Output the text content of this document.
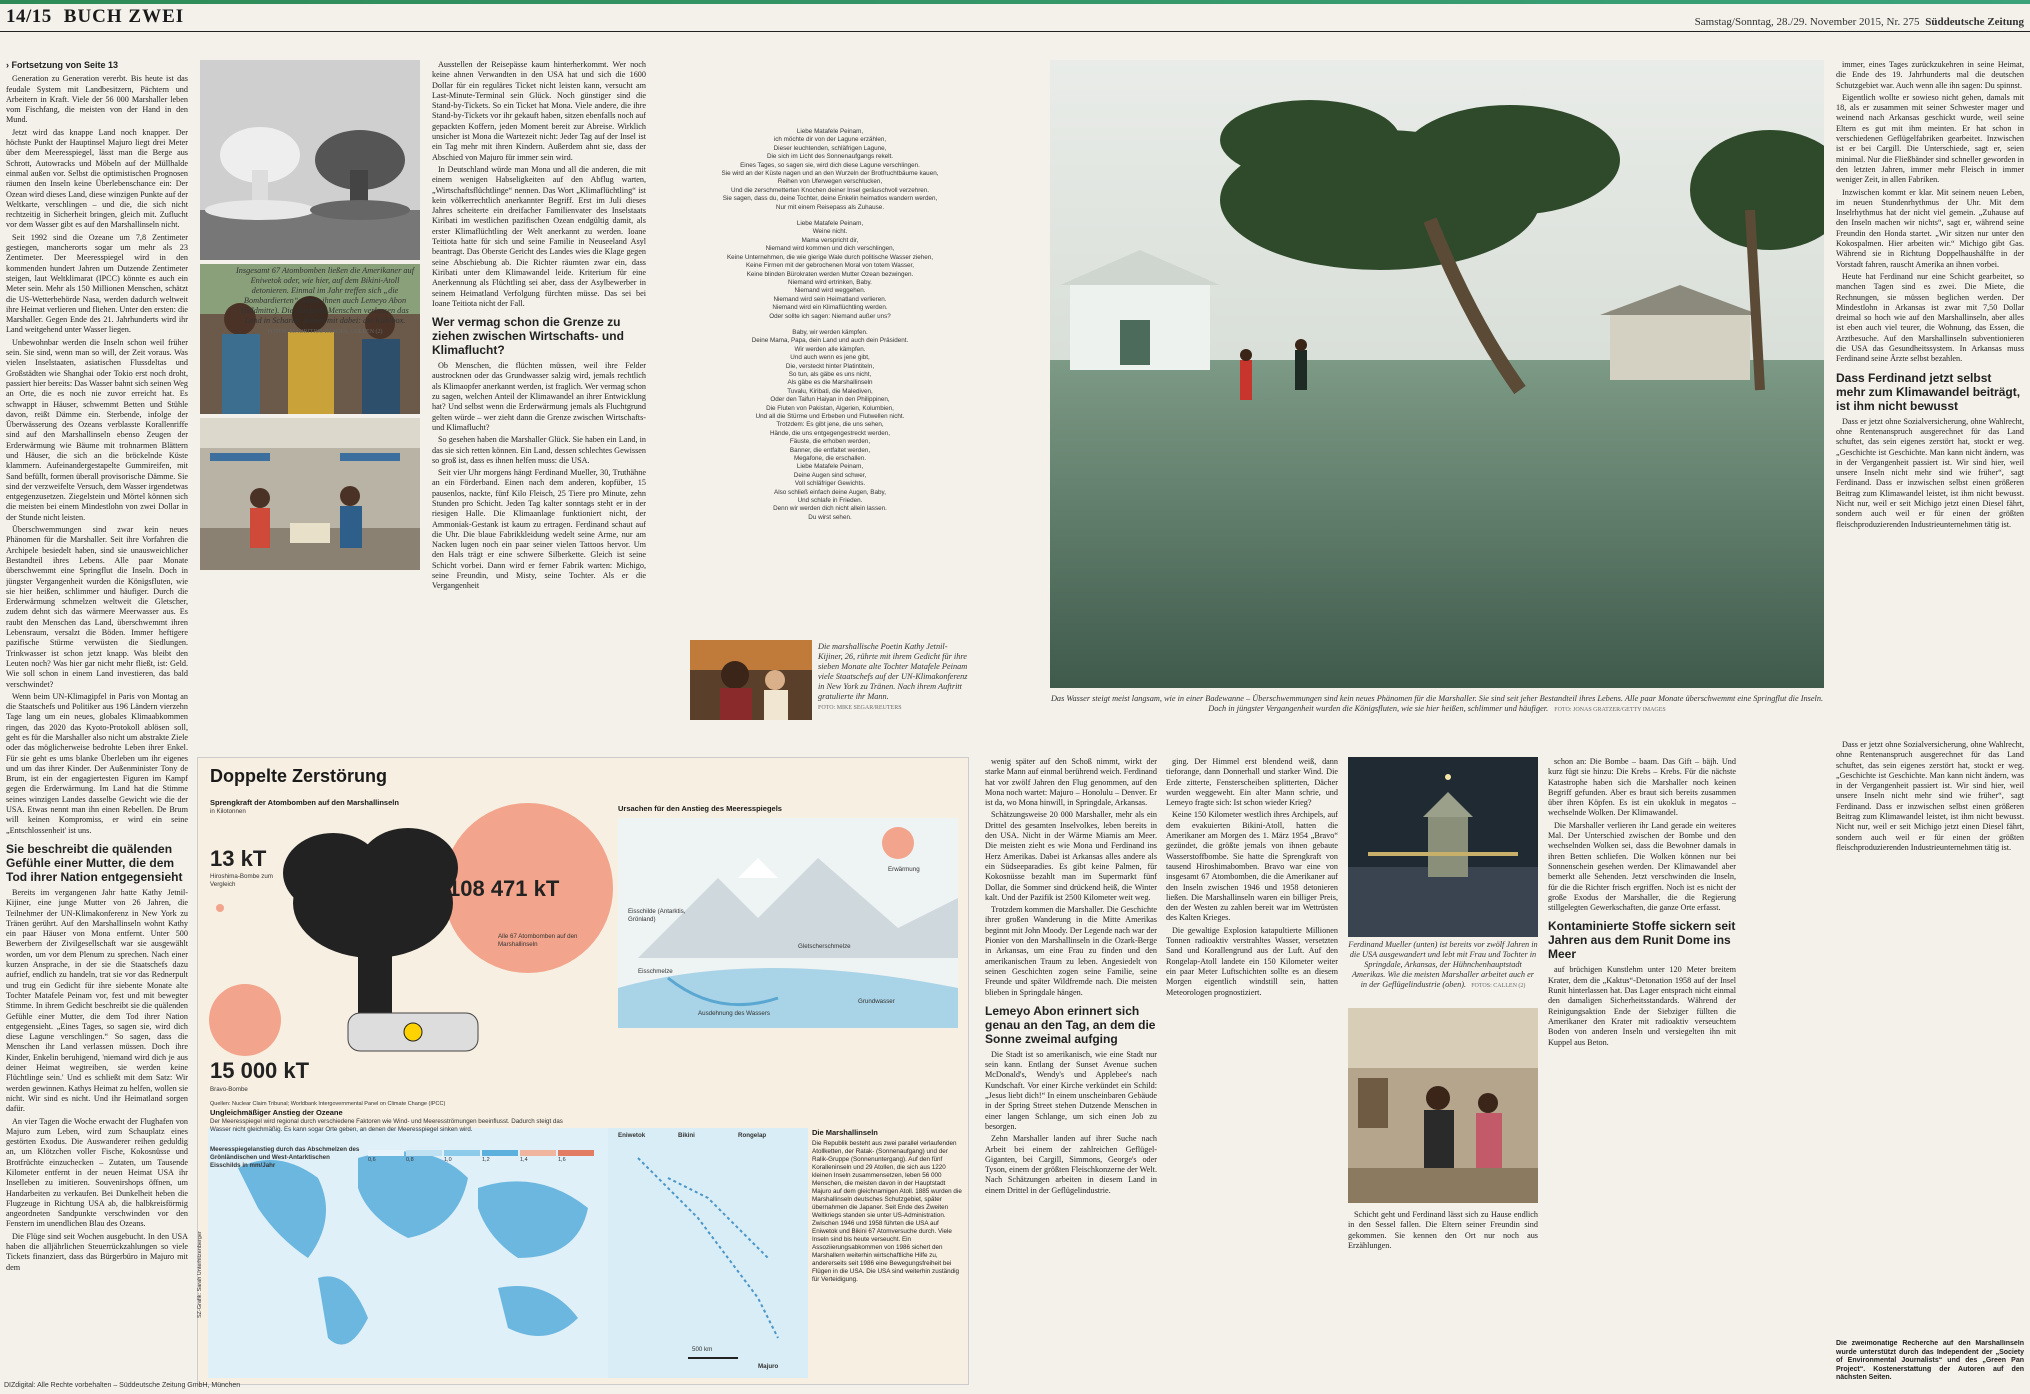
14/15 BUCH ZWEI	Samstag/Sonntag, 28./29. November 2015, Nr. 275 Süddeutsche Zeitung
› Fortsetzung von Seite 13

Generation zu Generation vererbt. Bis heute ist das feudale System mit Landbesitzern, Pächtern und Arbeitern in Kraft. Viele der 56 000 Marshaller leben vom Fischfang, die meisten von der Hand in den Mund.

Jetzt wird das knappe Land noch knapper. Der höchste Punkt der Hauptinsel Majuro liegt drei Meter über dem Meeresspiegel, lässt man die Berge aus Schrott, Autowracks und Möbeln auf der Müllhalde einmal außen vor. Selbst die optimistischen Prognosen räumen den Inseln keine Überlebenschance ein: Der Ozean wird dieses Land, diese winzigen Punkte auf der Weltkarte, verschlingen – und die, die sich nicht rechtzeitig in Sicherheit bringen, gleich mit. Zuflucht vor dem Wasser gibt es auf den Marshallinseln nicht.

Seit 1992 sind die Ozeane um 7,8 Zentimeter gestiegen, mancherorts sogar um mehr als 23 Zentimeter. Der Meeresspiegel wird in den kommenden hundert Jahren um Dutzende Zentimeter steigen, laut Weltklimarat (IPCC) könnte es auch ein Meter sein. Mehr als 150 Millionen Menschen, schätzt die US-Wetterbehörde Nasa, werden dadurch weltweit ihre Heimat verlieren und fliehen. Unter den ersten: die Marshaller. Gegen Ende des 21. Jahrhunderts wird ihr Land weitgehend unter Wasser liegen.

Unbewohnbar werden die Inseln schon weil früher sein. Sie sind, wenn man so will, der Zeit voraus. Was vielen Inselstaaten, asiatischen Flussdeltas und Großstädten wie Shanghai oder Tokio erst noch droht, passiert hier bereits: Das Wasser bahnt sich seinen Weg an Orte, die es noch nie zuvor erreicht hat. Es schwappt in Häuser, schwemmt Betten und Stühle davon, reißt Dämme ein. Sterbende, infolge der Überwässerung des Ozeans verblasste Korallenriffe sind auf den Marshallinseln ebenso Zeugen der Erderwärmung wie Bäume mit trohnarmen Blättern und Häuser, die sich an die bröckelnde Küste klammern. Aufeinandergestapelte Gummireifen, mit Sand befüllt, formen überall provisorische Dämme. Sie sind der verzweifelte Versuch, dem Wasser irgendetwas entgegenzusetzen. Ziegelstein und Mörtel können sich die meisten bei einem Mindestlohn von zwei Dollar in der Stunde nicht leisten.

Überschwemmungen sind zwar kein neues Phänomen für die Marshaller. Seit ihre Vorfahren die Archipele besiedelt haben, sind sie unausweichlicher Bestandteil ihres Lebens. Alle paar Monate überschwemmt eine Springflut die Inseln. Doch in jüngster Vergangenheit wurden die Königsfluten, wie sie hier heißen, schlimmer und häufiger. Durch die Erderwärmung schmelzen weltweit die Gletscher, zudem dehnt sich das wärmere Meerwasser aus. Es raubt den Menschen das Land, überschwemmt ihren Lebensraum, versalzt die Böden. Immer heftigere pazifische Stürme verwüsten die Siedlungen. Trinkwasser ist schon jetzt knapp. Was bleibt den Leuten noch? Was hier gar nicht mehr fließt, ist: Geld. Wie soll schon in einem Land investieren, das bald verschwindet?

Wenn beim UN-Klimagipfel in Paris von Montag an die Staatschefs und Politiker aus 196 Ländern vierzehn Tage lang um ein neues, globales Klimaabkommen ringen, das 2020 das Kyoto-Protokoll ablösen soll, geht es für die Marshaller also nicht um abstrakte Ziele oder das möglicherweise bedrohte Leben ihrer Enkel. Für sie geht es ums blanke Überleben um ihr eigenes und um das ihrer Kinder. Der Außenminister Tony de Brum, ist ein der engagiertesten Figuren im Kampf gegen die Erderwärmung. Im Land hat die Stimme seines winzigen Landes dasselbe Gewicht wie die der USA. Etwas nennt man ihn einen Rebellen. De Brum will keinen Kompromiss, er wird ein seine „Entschlossenheit' ist uns.

Sie beschreibt die quälenden Gefühle einer Mutter, die dem Tod ihrer Nation entgegensieht

Bereits im vergangenen Jahr hatte Kathy Jetnil-Kijiner, eine junge Mutter von 26 Jahren, die Teilnehmer der UN-Klimakonferenz in New York zu Tränen gerührt. Auf den Marshallinseln wohnt Kathy ein paar Häuser von Mona entfernt. Unter 500 Bewerbern der Zivilgesellschaft war sie ausgewählt worden, um vor dem Plenum zu sprechen. Nach einer kurzen Ansprache, in der sie die Staatschefs dazu aufrief, endlich zu handeln, trat sie vor das Rednerpult und trug ein Gedicht für ihre siebente Monate alte Tochter Matafele Peinam vor, fest und mit bewegter Stimme. In ihrem Gedicht beschreibt sie die quälenden Gefühle einer Mutter, die dem Tod ihrer Nation entgegensieht. „Eines Tages, so sagen sie, wird dich diese Lagune verschlingen.“ So sagen, dass die Menschen ihr Land verlassen müssen. Doch ihre Kinder, Enkelin beruhigend, 'niemand wird dich je aus deiner Heimat wegtreiben, sie werden keine Flüchtlinge sein.' Und es schließt mit dem Satz: Wir werden gewinnen. Kathys Heimat zu helfen, wollen sie nicht. Wir sind es nicht. Und ihr Heimatland sorgen dafür.

An vier Tagen die Woche erwacht der Flughafen von Majuro zum Leben, wird zum Schauplatz eines gestörten Exodus. Die Auswanderer reihen geduldig an, um Klötzchen voller Fische, Kokosnüsse und Brotfrüchte einzuchecken – Zutaten, um Tausende Kilometer entfernt in der neuen Heimat USA ihr Inselleben zu imitieren. Souvenirshops öffnen, um Handarbeiten zu verkaufen. Bei Dunkelheit heben die Flugzeuge in Richtung USA ab, die halbkreisförmig angeordneten Sandpunkte verschwinden vor den Fenstern im unendlichen Blau des Ozeans.

Die Flüge sind seit Wochen ausgebucht. In den USA haben die alljährlichen Steuerrückzahlungen so viele Tickets finanziert, dass das Bürgerbüro in Majuro mit dem

Ausstellen der Reisepässe kaum hinterherkommt. Wer noch keine ahnen Verwandten in den USA hat und sich die 1600 Dollar für ein reguläres Ticket nicht leisten kann, versucht am Last-Minute-Terminal sein Glück. Noch günstiger sind die Stand-by-Tickets. So ein Ticket hat Mona. Viele andere, die ihre Stand-by-Tickets vor ihr gekauft haben, sitzen ebenfalls noch auf gepackten Koffern, jeden Moment bereit zur Abreise. Wirklich unsicher ist Mona die Wartezeit nicht: Jeder Tag auf der Insel ist ein Tag mehr mit ihren Kindern. Außerdem ahnt sie, dass der Abschied von Majuro für immer sein wird.

In Deutschland würde man Mona und all die anderen, die mit einem wenigen Habseligkeiten auf den Abflug warten, „Wirtschaftsflüchtlinge“ nennen. Das Wort „Klimaflüchtling“ ist kein völkerrechtlich anerkannter Begriff. Erst im Juli dieses Jahres scheiterte ein dreifacher Familienvater des Inselstaats Kiribati im westlichen pazifischen Ozean endgültig damit, als erster Klimaflüchtling der Welt anerkannt zu werden. Ioane Teitiota hatte für sich und seine Familie in Neuseeland Asyl beantragt. Das Oberste Gericht des Landes wies die Klage gegen seine Abschiebung ab. Die Richter räumten zwar ein, dass Kiribati unter dem Klimawandel leide. Kriterium für eine Anerkennung als Flüchtling sei aber, dass der Asylbewerber in seinem Heimatland Verfolgung fürchten müsse. Das sei bei Ioane Teitiota nicht der Fall.

Wer vermag schon die Grenze zu ziehen zwischen Wirtschafts- und Klimaflucht?

Ob Menschen, die flüchten müssen, weil ihre Felder austrocknen oder das Grundwasser salzig wird, jemals rechtlich als Klimaopfer anerkannt werden, ist fraglich. Wer vermag schon zu sagen, welchen Anteil der Klimawandel an ihrer Entwicklung hat? Und selbst wenn die Erderwärmung jemals als Fluchtgrund gelten würde – wer zieht dann die Grenze zwischen Wirtschafts- und Klimaflucht?

So gesehen haben die Marshaller Glück. Sie haben ein Land, in das sie sich retten können. Ein Land, dessen schlechtes Gewissen so groß ist, dass es ihnen helfen muss: die USA.

Seit vier Uhr morgens hängt Ferdinand Mueller, 30, Truthähne an ein Förderband. Einen nach dem anderen, kopfüber, 15 pausenlos, nackte, fünf Kilo Fleisch, 25 Tiere pro Minute, zehn Stunden pro Schicht. Jeden Tag kalter sonntags steht er in der riesigen Halle. Die Klimaanlage funktioniert nicht, der Ammoniak-Gestank ist kaum zu ertragen. Ferdinand schaut auf die Uhr. Die blaue Fabrikkleidung wedelt seine Arme, nur am Nacken lugen noch ein paar seiner vielen Tattoos hervor. Um den Hals trägt er eine schwere Silberkette. Gleich ist seine Schicht vorbei. Dann wird er ferner Fabrik warten: Michigo, seine Freundin, und Misty, seine Tochter. Als er die Vergangenheit

Liebe Matafele Peinam,
ich möchte dir von der Lagune erzählen,
Dieser leuchtenden, schläfrigen Lagune,
Die sich im Licht des Sonnenaufgangs rekelt.
Eines Tages, so sagen sie, wird dich diese Lagune verschlingen.
Sie wird an der Küste nagen und an den Wurzeln der Brotfruchtbäume kauen,
Reihen von Uferwegen verschlucken,
Und die zerschmetterten Knochen deiner Insel geräuschvoll verzehren.
Sie sagen, dass du, deine Tochter, deine Enkelin heimatlos wandern werden,
Nur mit einem Reisepass als Zuhause.

Liebe Matafele Peinam,
Weine nicht.
Mama verspricht dir,
Niemand wird kommen und dich verschlingen,
Keine Unternehmen, die wie gierige Wale durch politische Wasser ziehen,
Keine Firmen mit der gebrochenen Moral von totem Wasser,
Keine blinden Bürokraten werden Mutter Ozean bezwingen.
Niemand wird ertrinken, Baby.
Niemand wird weggehen.
Niemand wird sein Heimatland verlieren.
Niemand wird ein Klimaflüchtling werden.
Oder sollte ich sagen: Niemand außer uns?

Baby, wir werden kämpfen.
Deine Mama, Papa, dein Land und auch dein Präsident.
Wir werden alle kämpfen.
Und auch wenn es jene gibt,
Die, versteckt hinter Platintiteln,
So tun, als gäbe es uns nicht,
Als gäbe es die Marshallinseln
Tuvalu, Kiribati, die Malediven,
Oder den Taifun Haiyan in den Philippinen,
Die Fluten von Pakistan, Algerien, Kolumbien,
Und all die Stürme und Erbeben und Flutwellen nicht.
Trotzdem: Es gibt jene, die uns sehen,
Hände, die uns entgegengestreckt werden,
Fäuste, die erhoben werden,
Banner, die entfaltet werden,
Megafone, die erschallen.
Liebe Matafele Peinam,
Deine Augen sind schwer,
Voll schläfriger Gewichts.
Also schließ einfach deine Augen, Baby,
Und schlafe in Frieden.
Denn wir werden dich nicht allein lassen.
Du wirst sehen.

Die marshallische Poetin Kathy Jetnil-Kijiner, 26, rührte mit ihrem Gedicht für ihre sieben Monate alte Tochter Matafele Peinam viele Staatschefs auf der UN-Klimakonferenz in New York zu Tränen. Nach ihrem Auftritt gratulierte ihr Mann.
FOTO: MIKE SEGAR/REUTERS
Das Wasser steigt meist langsam, wie in einer Badewanne – Überschwemmungen sind kein neues Phänomen für die Marshaller. Sie sind seit jeher Bestandteil ihres Lebens. Alle paar Monate überschwemmt eine Springflut die Inseln. Doch in jüngster Vergangenheit wurden die Königsfluten, wie sie hier heißen, schlimmer und häufiger. FOTO: JONAS GRATZER/GETTY IMAGES

immer, eines Tages zurückzukehren in seine Heimat, die Ende des 19. Jahrhunderts mal die deutschen Schutzgebiet war. Auch wenn alle ihn sagen: Du spinnst.

Eigentlich wollte er sowieso nicht gehen, damals mit 18, als er zusammen mit seiner Schwester mager und weinend nach Arkansas geschickt wurde, weil seine Eltern es gut mit ihm meinten. Er hat schon in verschiedenen Geflügelfabriken gearbeitet. Inzwischen ist er bei Cargill. Die Unterschiede, sagt er, seien minimal. Nur die Fließbänder sind schneller geworden in den letzten Jahren, immer mehr Fleisch in immer weniger Zeit, in allen Fabriken.

Inzwischen kommt er klar. Mit seinem neuen Leben, im neuen Stundenrhythmus der Uhr. Mit dem Inselrhythmus hat der nicht viel gemein. „Zuhause auf den Inseln machen wir nichts“, sagt er, während seine Freundin den Honda startet. „Wir sitzen nur unter den Kokospalmen. Hier arbeiten wir.“ Michigo gibt Gas. Während sie in Richtung Doppelhaushälfte in der Vorstadt fahren, rauscht Amerika an ihnen vorbei.

Heute hat Ferdinand nur eine Schicht gearbeitet, so manchen Tagen sind es zwei. Die Miete, die Rechnungen, sie müssen beglichen werden. Der Mindestlohn in Arkansas ist zwar mit 7,50 Dollar dreimal so hoch wie auf den Marshallinseln, aber alles ist eben auch viel teurer, die Wohnung, das Essen, die Arztbesuche. Auf den Marshallinseln subventionieren die USA das Gesundheitssystem. In Arkansas muss Ferdinand seine Ärzte selbst bezahlen.

Dass Ferdinand jetzt selbst mehr zum Klimawandel beiträgt, ist ihm nicht bewusst

Dass er jetzt ohne Sozialversicherung, ohne Wahlrecht, ohne Rentenanspruch ausgerechnet für das Land schuftet, das sein eigenes zerstört hat, stockt er weg. „Geschichte ist Geschichte. Man kann nicht ändern, was in der Vergangenheit passiert ist. Wir sind hier, weil unsere Inseln nicht mehr sind wie früher“, sagt Ferdinand. Dass er inzwischen selbst einen größeren Beitrag zum Klimawandel leistet, ist ihm nicht bewusst. Nicht nur, weil er seit Michigo jetzt einen Diesel fährt, sondern auch weil er für einen der größten fleischproduzierenden Industrieunternehmen tätig ist.

Doppelte Zerstörung
Sprengkraft der Atombomben auf den Marshallinseln
in Kilotonnen
13 kT
Hiroshima-Bombe zum Vergleich	108 471 kT
Alle 67 Atombomben auf den Marshallinseln
15 000 kT
Bravo-Bombe
Ursachen für den Anstieg des Meeresspiegels
Erwärmung
Eisschilde (Antarktis, Grönland)
Gletscherschmelze
Eisschmelze
Ausdehnung des Wassers
Grundwasser
Quellen: Nuclear Claim Tribunal; Worldbank Intergovernmental Panel on Climate Change (IPCC)
Ungleichmäßiger Anstieg der Ozeane
Der Meeresspiegel wird regional durch verschiedene Faktoren wie Wind- und Meeresströmungen beeinflusst. Dadurch steigt das Wasser nicht gleichmäßig. Es kann sogar Orte geben, an denen der Meeresspiegel sinken wird.
Meeresspiegelanstieg durch das Abschmelzen des Grönländischen und West-Antarktischen Eisschilds in mm/Jahr
0,6	0,8	1,0	1,2	1,4	1,6
Eniwetok	Bikini	Rongelap
Majuro
500 km
Die Marshallinseln
Die Republik besteht aus zwei parallel verlaufenden Atollketten, der Ratak- (Sonnenaufgang) und der Ralik-Gruppe (Sonnenuntergang). Auf den fünf Koralleninseln und 29 Atollen, die sich aus 1220 kleinen Inseln zusammensetzen, leben 56 000 Menschen, die meisten davon in der Hauptstadt Majuro auf dem gleichnamigen Atoll. 1885 wurden die Marshallinseln deutsches Schutzgebiet, später übernahmen die Japaner. Seit Ende des Zweiten Weltkriegs standen sie unter US-Administration. Zwischen 1946 und 1958 führten die USA auf Eniwetok und Bikini 67 Atomversuche durch. Viele Inseln sind bis heute verseucht. Ein Assoziierungsabkommen von 1986 sichert den Marshallern weiterhin wirtschaftliche Hilfe zu, andererseits seit 1986 eine Bewegungsfreiheit bei Flügen in die USA. Die USA sind weiterhin zuständig für Verteidigung.
SZ-Grafik: Sarah Unterhitzenberger

wenig später auf den Schoß nimmt, wirkt der starke Mann auf einmal berührend weich. Ferdinand hat vor zwölf Jahren den Flug genommen, auf den Mona noch wartet: Majuro – Honolulu – Denver. Er ist da, wo Mona hinwill, in Springdale, Arkansas.

Schätzungsweise 20 000 Marshaller, mehr als ein Drittel des gesamten Inselvolkes, leben bereits in den USA. Nicht in der Wärme Miamis am Meer. Die meisten zieht es wie Mona und Ferdinand ins Herz Amerikas. Dabei ist Arkansas alles andere als ein Südseeparadies. Es gibt keine Palmen, für Kokosnüsse bezahlt man im Supermarkt fünf Dollar, die Sommer sind drückend heiß, die Winter kalt. Und der Pazifik ist 2500 Kilometer weit weg.

Trotzdem kommen die Marshaller. Die Geschichte ihrer großen Wanderung in die Mitte Amerikas beginnt mit John Moody. Der Legende nach war der Pionier von den Marshallinseln in die Ozark-Berge in Arkansas, um eine Frau zu finden und den amerikanischen Traum zu leben. Angesiedelt von seinen Geschichten zogen seine Familie, seine Freunde und später Wildfremde nach. Die meisten blieben in Springdale hängen.

Lemeyo Abon erinnert sich genau an den Tag, an dem die Sonne zweimal aufging

Die Stadt ist so amerikanisch, wie eine Stadt nur sein kann. Entlang der Sunset Avenue suchen McDonald's, Wendy's und Applebee's nach Kundschaft. Vor einer Kirche verkündet ein Schild: „Jesus liebt dich!“ In einem unscheinbaren Gebäude in der Spring Street stehen Dutzende Menschen in einer langen Schlange, um sich einen Job zu besorgen.

Zehn Marshaller landen auf ihrer Suche nach Arbeit bei einem der zahlreichen Geflügel-Giganten, bei Cargill, Simmons, George's oder Tyson, einem der größten Fleischkonzerne der Welt. Nach Schätzungen arbeiten in diesem Land in einem Drittel in der Geflügelindustrie.

ging. Der Himmel erst blendend weiß, dann tieforange, dann Donnerhall und starker Wind. Die Erde zitterte, Fensterscheiben splitterten, Dächer wurden weggeweht. Ein alter Mann schrie, und Lemeyo fragte sich: Ist schon wieder Krieg?

Keine 150 Kilometer westlich ihres Archipels, auf dem evakuierten Bikini-Atoll, hatten die Amerikaner am Morgen des 1. März 1954 „Bravo“ gezündet, die größte jemals von ihnen gebaute Wasserstoffbombe. Sie hatte die Sprengkraft von tausend Hiroshimabomben. Bravo war eine von insgesamt 67 Atombomben, die die Amerikaner auf den Inseln zwischen 1946 und 1958 detonieren ließen. Die Marshallinseln waren ein billiger Preis, den der Westen zu zahlen bereit war im Wettrüsten des Kalten Krieges.

Die gewaltige Explosion katapultierte Millionen Tonnen radioaktiv verstrahltes Wasser, versetzten Sand und Korallengrund aus der Luft. Auf den Rongelap-Atoll landete ein 150 Kilometer weiter ein paar Meter Luftschichten sollte es an diesem Morgen eigentlich windstill sein, hatten Meteorologen prognostiziert.

Ferdinand Mueller (unten) ist bereits vor zwölf Jahren in die USA ausgewandert und lebt mit Frau und Tochter in Springdale, Arkansas, der Hühnchenhauptstadt Amerikas. Wie die meisten Marshaller arbeitet auch er in der Geflügelindustrie (oben). FOTOS: CALLEN (2)

Schicht geht und Ferdinand lässt sich zu Hause endlich in den Sessel fallen. Die Eltern seiner Freundin sind gekommen. Sie kennen den Ort nur noch aus Erzählungen.

schon an: Die Bombe – baam. Das Gift – bäjh. Und kurz fügt sie hinzu: Die Krebs – Krebs. Für die nächste Katastrophe haben sich die Marshaller noch keinen Begriff gefunden. Aber es braut sich bereits zusammen über ihren Köpfen. Es ist ein ukokluk in megatos – wechselnde Wolken. Der Klimawandel.

Die Marshaller verlieren ihr Land gerade ein weiteres Mal. Der Unterschied zwischen der Bombe und den wechselnden Wolken sei, dass die Bewohner damals in ihren Betten schliefen. Die Wolken können nur bei Sonnenschein gesehen werden. Der Klimawandel aber bemerkt alle Sehenden. Jetzt verschwinden die Inseln, für die die Richter frisch ergriffen. Noch ist es nicht der große Exodus der Marshaller, die die Regierung stillgelegten Gewerkschaften, die ganze Orte erfasst.

Kontaminierte Stoffe sickern seit Jahren aus dem Runit Dome ins Meer

auf brüchigen Kunstlehm unter 120 Meter breitem Krater, dem die „Kaktus“-Detonation 1958 auf der Insel Runit hinterlassen hat. Das Lager entsprach nicht einmal den damaligen Sicherheitsstandards. Während der Reinigungsaktion Ende der Siebziger füllten die Amerikaner den Krater mit radioaktiv verseuchtem Boden von anderen Inseln und versiegelten ihn mit Kuppel aus Beton.

Dass er jetzt ohne Sozialversicherung, ohne Wahlrecht, ohne Rentenanspruch ausgerechnet für das Land schuftet, das sein eigenes zerstört hat, stockt er weg. „Geschichte ist Geschichte. Man kann nicht ändern, was in der Vergangenheit passiert ist. Wir sind hier, weil unsere Inseln nicht mehr sind wie früher“, sagt Ferdinand. Dass er inzwischen selbst einen größeren Beitrag zum Klimawandel leistet, ist ihm nicht bewusst. Nicht nur, weil er seit Michigo jetzt einen Diesel fährt, sondern auch weil er für einen der größten fleischproduzierenden Industrieunternehmen tätig ist.

Die zweimonatige Recherche auf den Marshallinseln wurde unterstützt durch das Independent der „Society of Environmental Journalists“ und des „Green Pan Project“. Kostenerstattung der Autoren auf den nächsten Seiten.
Insgesamt 67 Atombomben ließen die Amerikaner auf Eniwetok oder, wie hier, auf dem Bikini-Atoll detonieren. Einmal im Jahr treffen sich „die Bombardierten“, unter ihnen auch Lemeyo Abon (Bildmitte). Die Jüngeren Menschen verlassen das Land in Scharen. Immer mit dabei: die Kühlbox.
FOTOS: MAURITIUS IMAGES, COLEEN (2)
DIZdigital: Alle Rechte vorbehalten – Süddeutsche Zeitung GmbH, München
